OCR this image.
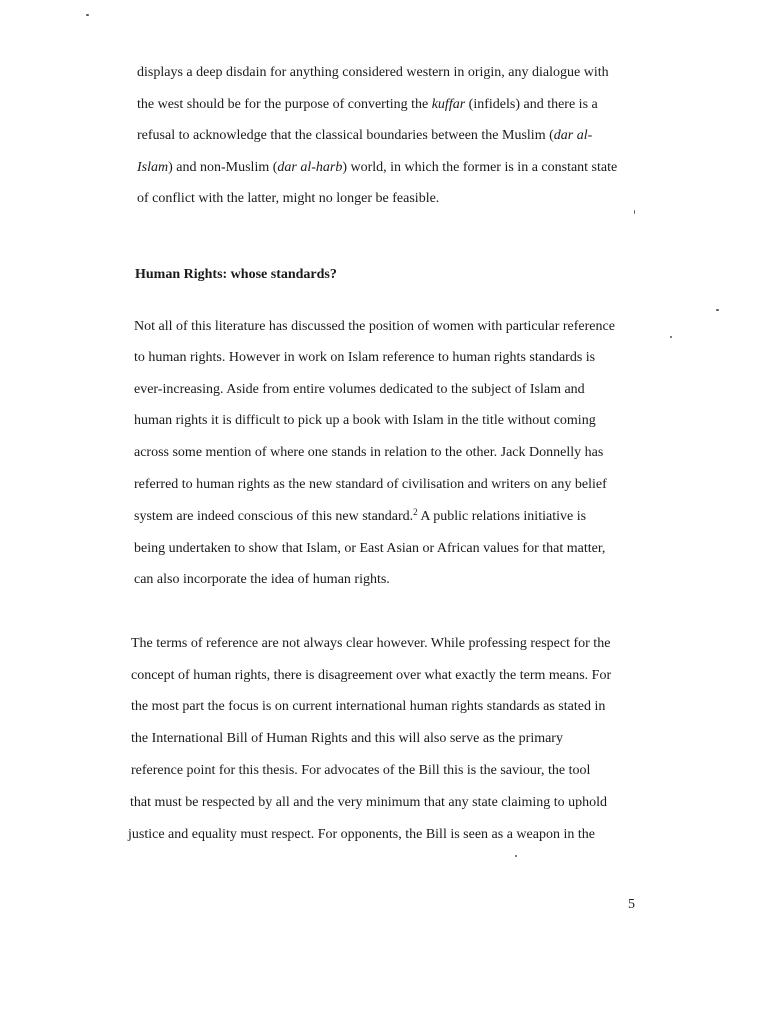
displays a deep disdain for anything considered western in origin, any dialogue with
the west should be for the purpose of converting the kuffar (infidels) and there is a
refusal to acknowledge that the classical boundaries between the Muslim (dar al-
Islam) and non-Muslim (dar al-harb) world, in which the former is in a constant state
of conflict with the latter, might no longer be feasible.
Human Rights: whose standards?
Not all of this literature has discussed the position of women with particular reference
to human rights. However in work on Islam reference to human rights standards is
ever-increasing. Aside from entire volumes dedicated to the subject of Islam and
human rights it is difficult to pick up a book with Islam in the title without coming
across some mention of where one stands in relation to the other. Jack Donnelly has
referred to human rights as the new standard of civilisation and writers on any belief
system are indeed conscious of this new standard.$^2$ A public relations initiative is
being undertaken to show that Islam, or East Asian or African values for that matter,
can also incorporate the idea of human rights.
The terms of reference are not always clear however. While professing respect for the
concept of human rights, there is disagreement over what exactly the term means. For
the most part the focus is on current international human rights standards as stated in
the International Bill of Human Rights and this will also serve as the primary
reference point for this thesis. For advocates of the Bill this is the saviour, the tool
that must be respected by all and the very minimum that any state claiming to uphold
justice and equality must respect. For opponents, the Bill is seen as a weapon in the
5
